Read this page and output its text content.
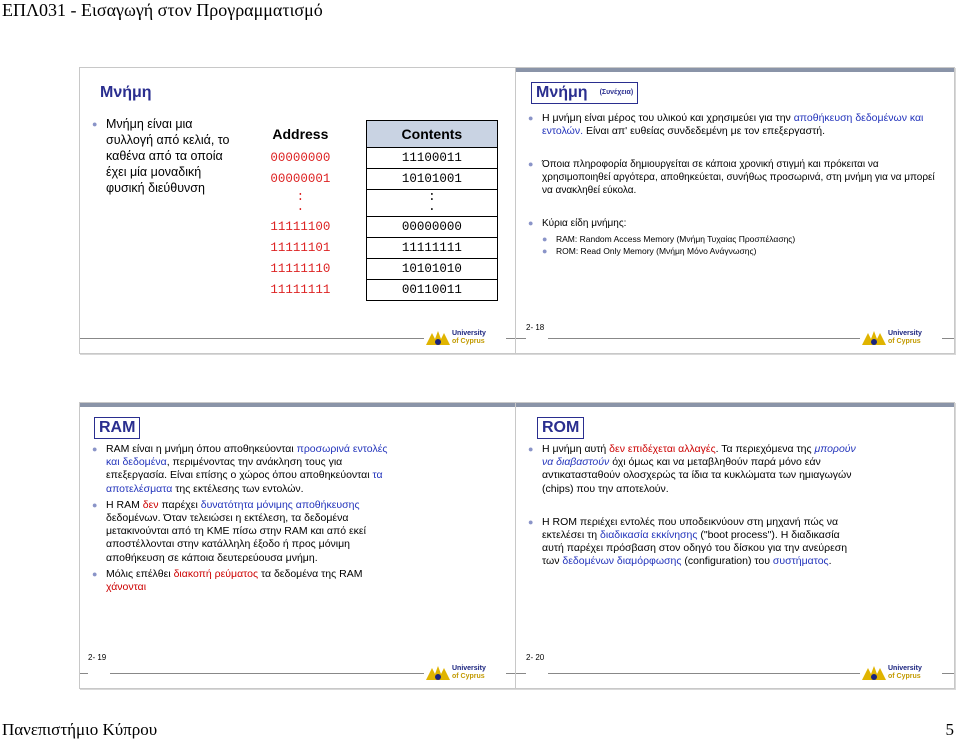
ΕΠΛ031 - Εισαγωγή στον Προγραμματισμό
Μνήμη
● Μνήμη είναι μια συλλογή από κελιά, το καθένα από τα οποία έχει μία μοναδική φυσική διεύθυνση
Address	Contents
00000000	11100011
00000001	10101001
:	:
.	.
11111100	00000000
11111101	11111111
11111110	10101010
11111111	00110011
University
of Cyprus
Μνήμη (Συνέχεια)
● Η μνήμη είναι μέρος του υλικού και χρησιμεύει για την αποθήκευση δεδομένων και εντολών. Είναι απ' ευθείας συνδεδεμένη με τον επεξεργαστή.
● Όποια πληροφορία δημιουργείται σε κάποια χρονική στιγμή και πρόκειται να χρησιμοποιηθεί αργότερα, αποθηκεύεται, συνήθως προσωρινά, στη μνήμη για να μπορεί να ανακληθεί εύκολα.
● Κύρια είδη μνήμης:
● RAM: Random Access Memory (Μνήμη Τυχαίας Προσπέλασης)
● ROM: Read Only Memory (Μνήμη Μόνο Ανάγνωσης)
University
of Cyprus
2- 18
RAM
● RAM είναι η μνήμη όπου αποθηκεύονται προσωρινά εντολές και δεδομένα, περιμένοντας την ανάκληση τους για επεξεργασία. Είναι επίσης ο χώρος όπου αποθηκεύονται τα αποτελέσματα της εκτέλεσης των εντολών.
● Η RAM δεν παρέχει δυνατότητα μόνιμης αποθήκευσης δεδομένων. Όταν τελειώσει η εκτέλεση, τα δεδομένα μετακινούνται από τη ΚΜΕ πίσω στην RAM και από εκεί αποστέλλονται στην κατάλληλη έξοδο ή προς μόνιμη αποθήκευση σε κάποια δευτερεύουσα μνήμη.
● Μόλις επέλθει διακοπή ρεύματος τα δεδομένα της RAM χάνονται
University
of Cyprus
2- 19
ROM
● Η μνήμη αυτή δεν επιδέχεται αλλαγές. Τα περιεχόμενα της μπορούν να διαβαστούν όχι όμως και να μεταβληθούν παρά μόνο εάν αντικατασταθούν ολοσχερώς τα ίδια τα κυκλώματα των ημιαγωγών (chips) που την αποτελούν.
● Η ROM περιέχει εντολές που υποδεικνύουν στη μηχανή πώς να εκτελέσει τη διαδικασία εκκίνησης ("boot process"). Η διαδικασία αυτή παρέχει πρόσβαση στον οδηγό του δίσκου για την ανεύρεση των δεδομένων διαμόρφωσης (configuration) του συστήματος.
University
of Cyprus
2- 20
Πανεπιστήμιο Κύπρου	5
